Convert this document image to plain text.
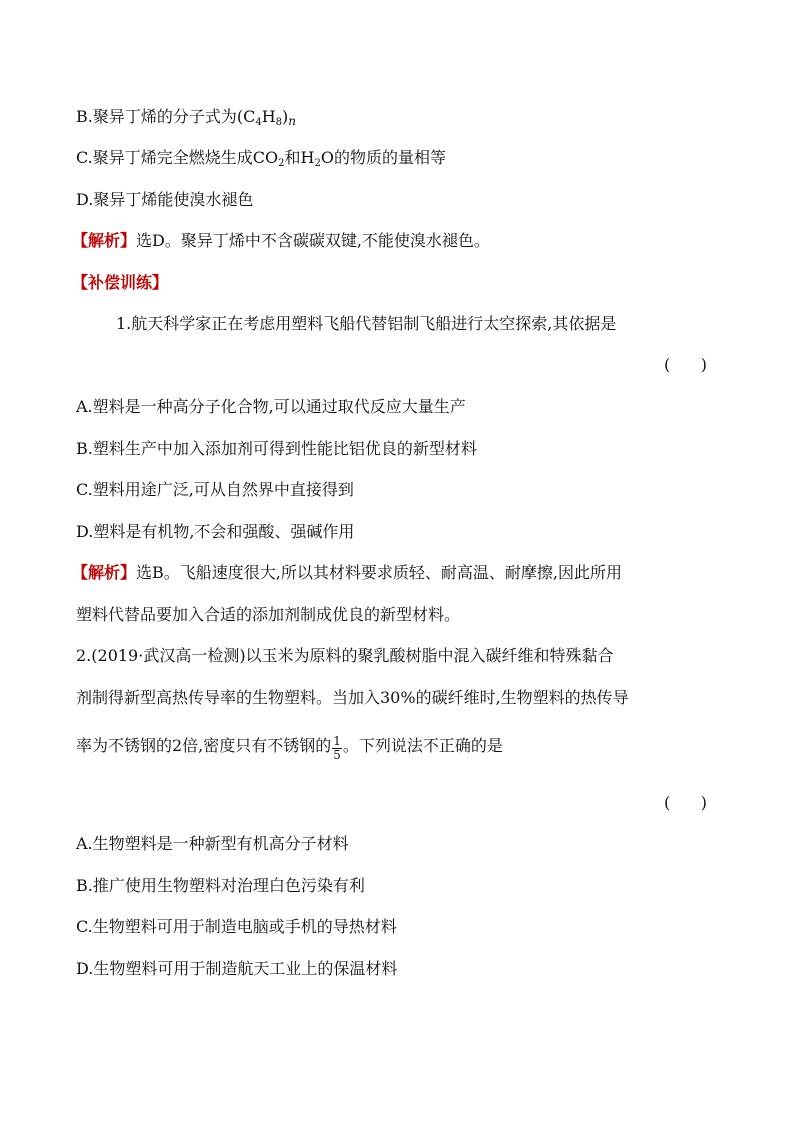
B.聚异丁烯的分子式为$(C_4H_8)n$
C.聚异丁烯完全燃烧生成$CO_2$和$H_2O$的物质的量相等
D.聚异丁烯能使溴水褪色
【解析】选D。聚异丁烯中不含碳碳双键,不能使溴水褪色。
【补偿训练】
1.航天科学家正在考虑用塑料飞船代替铝制飞船进行太空探索,其依据是
(      )
A.塑料是一种高分子化合物,可以通过取代反应大量生产
B.塑料生产中加入添加剂可得到性能比铝优良的新型材料
C.塑料用途广泛,可从自然界中直接得到
D.塑料是有机物,不会和强酸、强碱作用
【解析】选B。飞船速度很大,所以其材料要求质轻、耐高温、耐摩擦,因此所用
塑料代替品要加入合适的添加剂制成优良的新型材料。
2.(2019·武汉高一检测)以玉米为原料的聚乳酸树脂中混入碳纤维和特殊黏合
剂制得新型高热传导率的生物塑料。当加入30%的碳纤维时,生物塑料的热传导
率为不锈钢的2倍,密度只有不锈钢的 $\frac{1}{5}$ 。下列说法不正确的是
(      )
A.生物塑料是一种新型有机高分子材料
B.推广使用生物塑料对治理白色污染有利
C.生物塑料可用于制造电脑或手机的导热材料
D.生物塑料可用于制造航天工业上的保温材料
